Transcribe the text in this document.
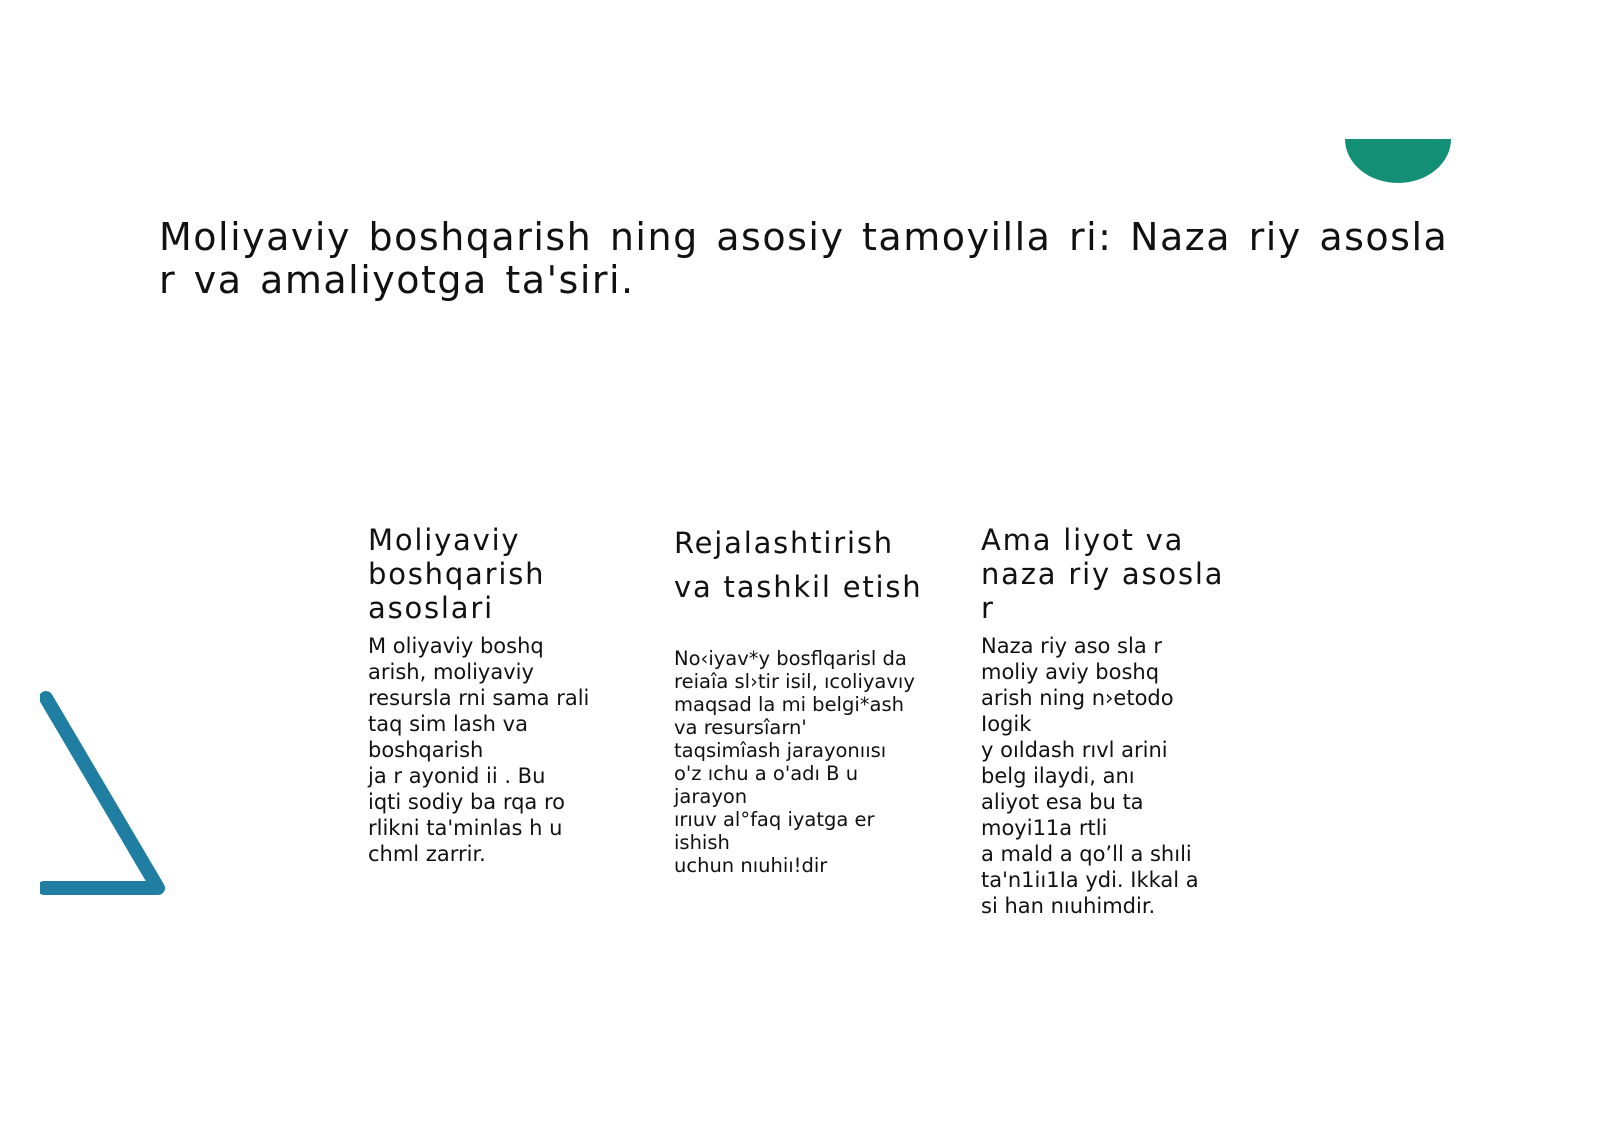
Moliyaviy boshqarish ning asosiy tamoyilla ri: Naza riy asosla r va amaliyotga ta'siri.
Moliyaviy boshqarish asoslari

M oliyaviy boshq
arish, moliyaviy
resursla rni sama rali
taq sim lash va
boshqarish
ja r ayonid ii . Bu
iqti sodiy ba rqa ro
rlikni ta'minlas h u
chml zarrir.

Rejalashtirish va tashkil etish

No‹iyav*y bosflqarisl da
reiaîa sl›tir isil, ıcoliyavıy
maqsad la mi belgi*ash
va resursîarn'
taqsimîash jarayonıısı
o'z ıchu a o'adı B u
jarayon
ırıuv al°faq iyatga er
ishish
uchun nıuhiı!dir

Ama liyot va naza riy asosla r

Naza riy aso sla r
moliy aviy boshq
arish ning n›etodo
Iogik
y oıldash rıvl arini
belg ilaydi, anı
aliyot esa bu ta
moyi11a rtli
a mald a qo’ll a shıli
ta'n1iı1Ia ydi. Ikkal a
si han nıuhimdir.
